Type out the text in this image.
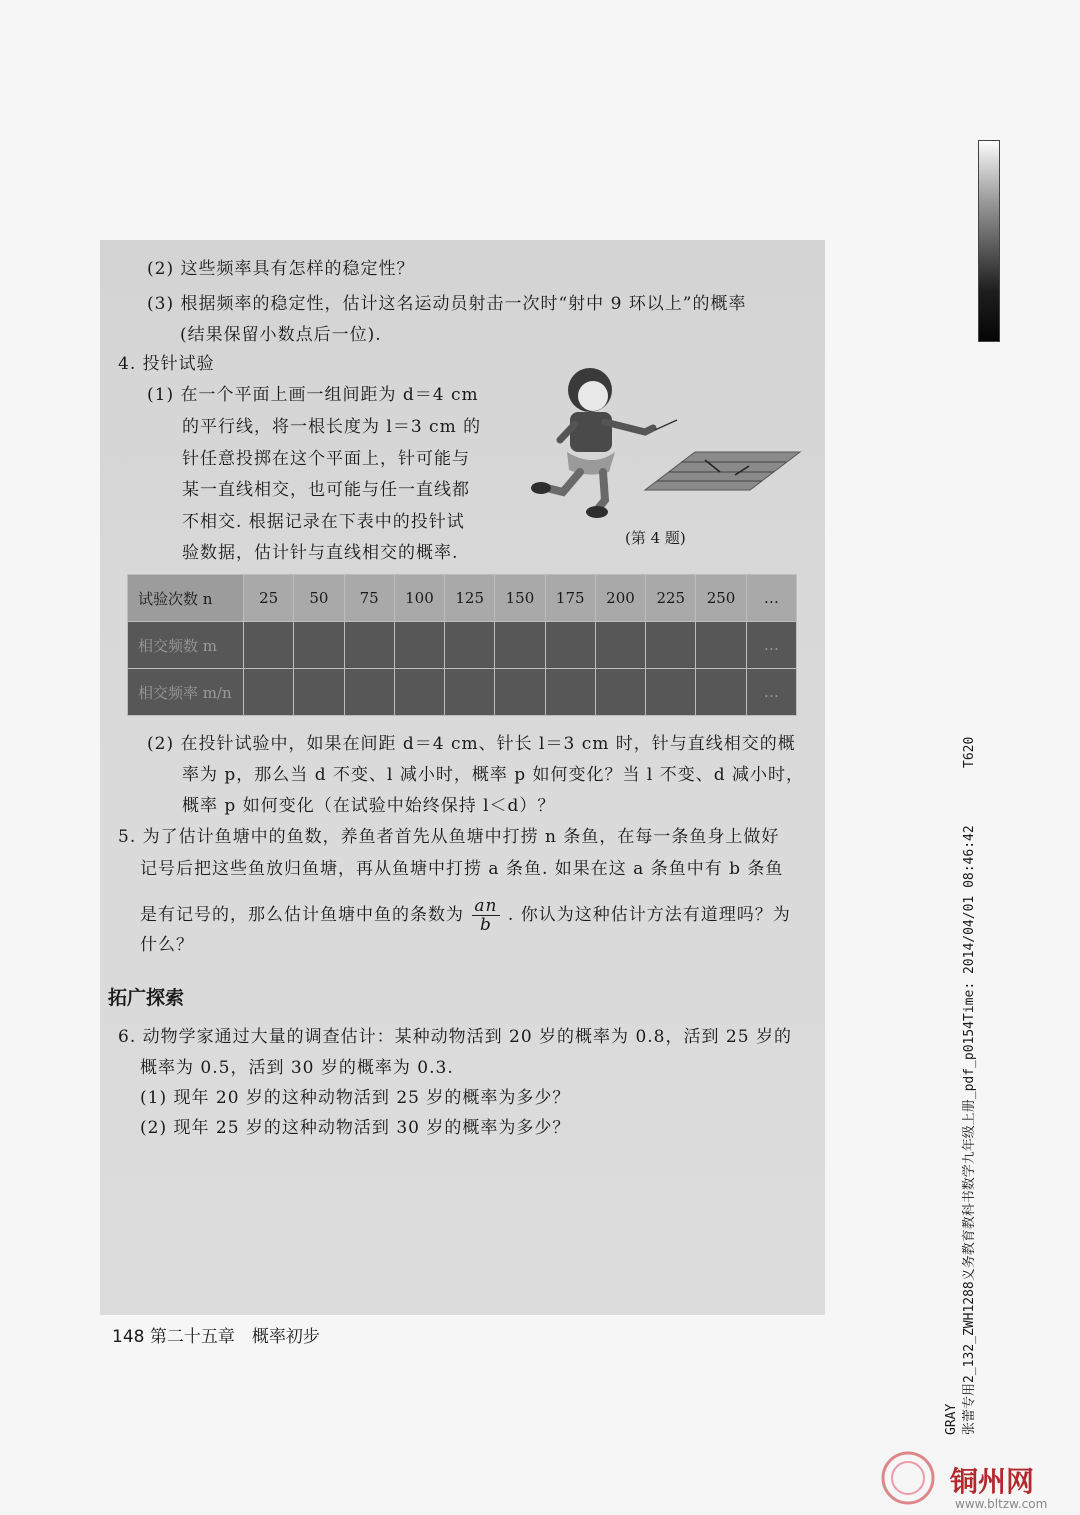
T620
张蕾专用2_132_ZWH1288义务教育教科书数学九年级上册_pdf_p0154Time: 2014/04/01 08:46:42
GRAY
(2) 这些频率具有怎样的稳定性？
(3) 根据频率的稳定性，估计这名运动员射击一次时“射中 9 环以上”的概率
(结果保留小数点后一位).
4. 投针试验
(1) 在一个平面上画一组间距为 d＝4 cm
的平行线，将一根长度为 l＝3 cm 的
针任意投掷在这个平面上，针可能与
某一直线相交，也可能与任一直线都
不相交. 根据记录在下表中的投针试
验数据，估计针与直线相交的概率.
(第 4 题)
试验次数 n	25	50	75	100	125	150	175	200	225	250	…
相交频数 m											…
相交频率 m/n											…
(2) 在投针试验中，如果在间距 d＝4 cm、针长 l＝3 cm 时，针与直线相交的概
率为 p，那么当 d 不变、l 减小时，概率 p 如何变化？当 l 不变、d 减小时，
概率 p 如何变化（在试验中始终保持 l＜d）？
5. 为了估计鱼塘中的鱼数，养鱼者首先从鱼塘中打捞 n 条鱼，在每一条鱼身上做好
记号后把这些鱼放归鱼塘，再从鱼塘中打捞 a 条鱼. 如果在这 a 条鱼中有 b 条鱼
是有记号的，那么估计鱼塘中鱼的条数为 $\frac{an}{b}$ . 你认为这种估计方法有道理吗？为
什么？
拓广探索
6. 动物学家通过大量的调查估计：某种动物活到 20 岁的概率为 0.8，活到 25 岁的
概率为 0.5，活到 30 岁的概率为 0.3.
(1) 现年 20 岁的这种动物活到 25 岁的概率为多少？
(2) 现年 25 岁的这种动物活到 30 岁的概率为多少？
148 第二十五章　概率初步
铜州网
www.bltzw.com
